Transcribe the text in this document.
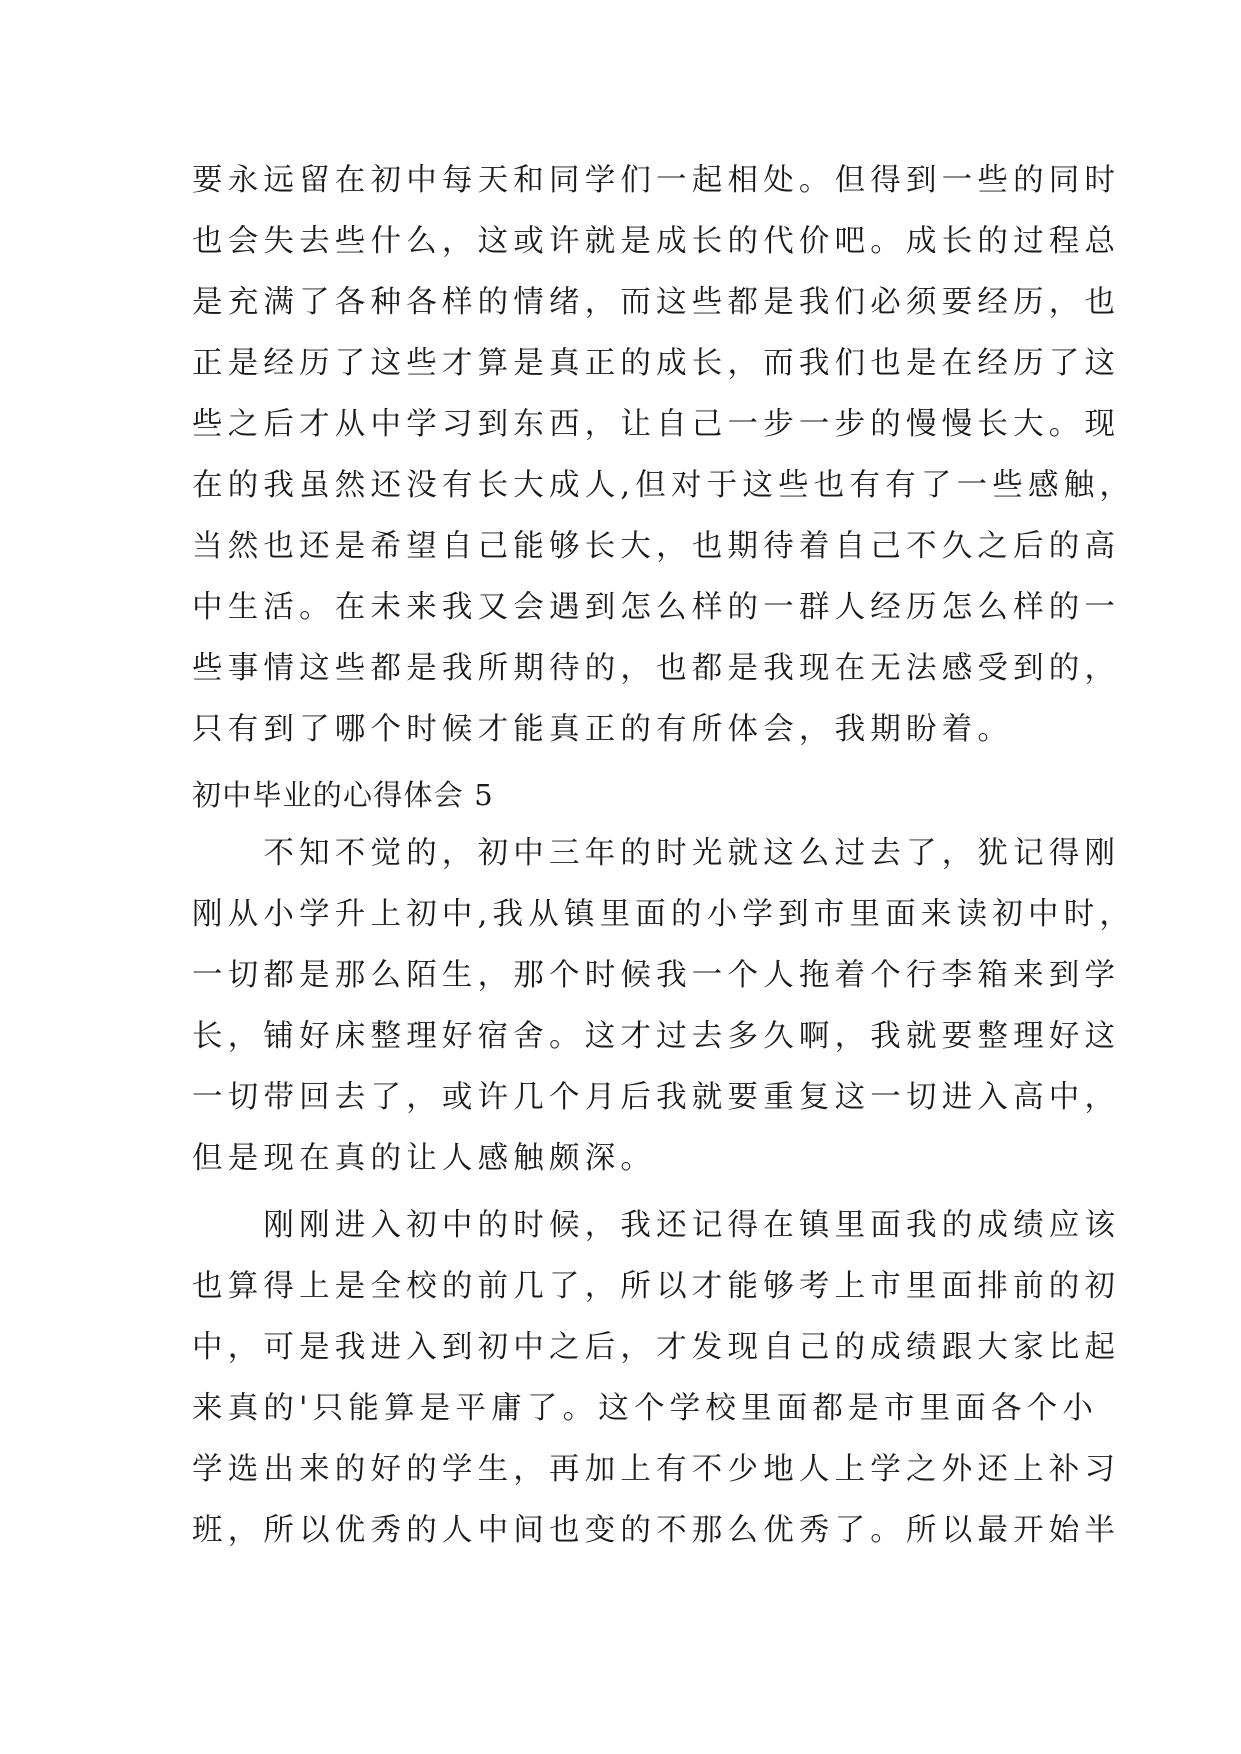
要永远留在初中每天和同学们一起相处。但得到一些的同时
也会失去些什么，这或许就是成长的代价吧。成长的过程总
是充满了各种各样的情绪，而这些都是我们必须要经历，也
正是经历了这些才算是真正的成长，而我们也是在经历了这
些之后才从中学习到东西，让自己一步一步的慢慢长大。现
在的我虽然还没有长大成人,但对于这些也有有了一些感触，
当然也还是希望自己能够长大，也期待着自己不久之后的高
中生活。在未来我又会遇到怎么样的一群人经历怎么样的一
些事情这些都是我所期待的，也都是我现在无法感受到的，
只有到了哪个时候才能真正的有所体会，我期盼着。
初中毕业的心得体会 5
　　不知不觉的，初中三年的时光就这么过去了，犹记得刚
刚从小学升上初中,我从镇里面的小学到市里面来读初中时，
一切都是那么陌生，那个时候我一个人拖着个行李箱来到学
长，铺好床整理好宿舍。这才过去多久啊，我就要整理好这
一切带回去了，或许几个月后我就要重复这一切进入高中，
但是现在真的让人感触颇深。
　　刚刚进入初中的时候，我还记得在镇里面我的成绩应该
也算得上是全校的前几了，所以才能够考上市里面排前的初
中，可是我进入到初中之后，才发现自己的成绩跟大家比起
来真的'只能算是平庸了。这个学校里面都是市里面各个小
学选出来的好的学生，再加上有不少地人上学之外还上补习
班，所以优秀的人中间也变的不那么优秀了。所以最开始半
